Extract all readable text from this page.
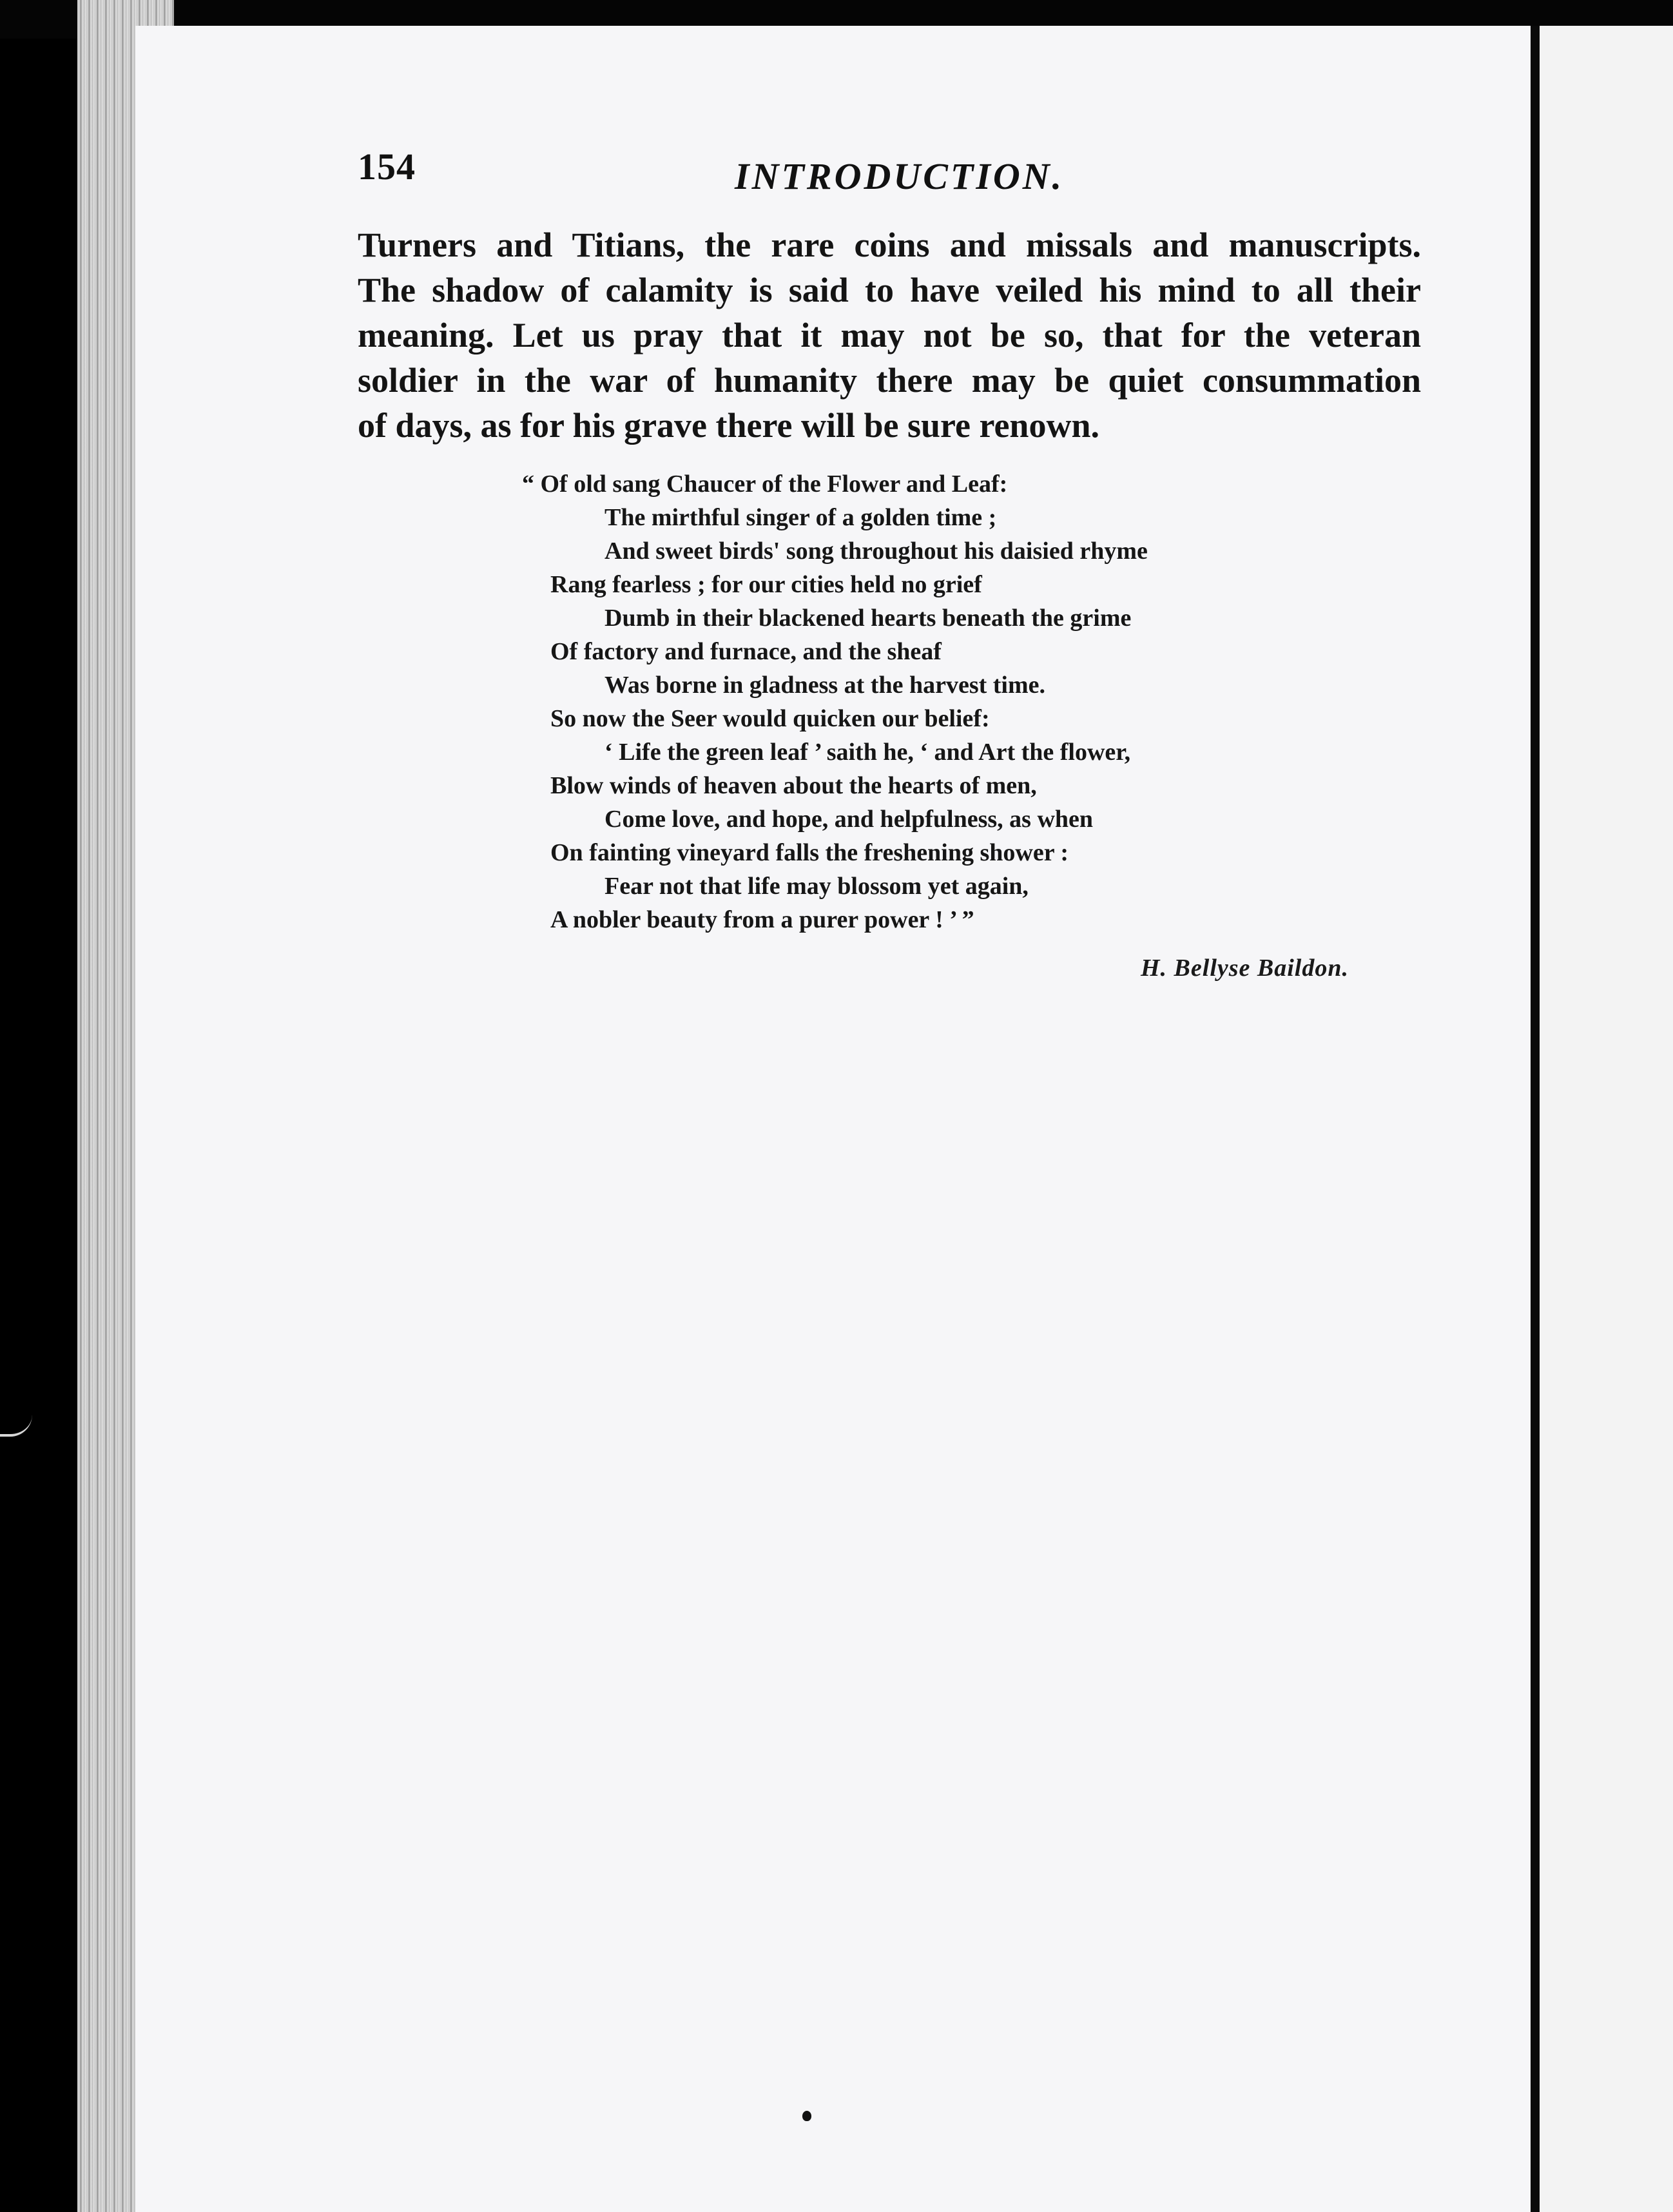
154	INTRODUCTION.
Turners and Titians, the rare coins and missals and manuscripts.
The shadow of calamity is said to have veiled his mind to all their
meaning. Let us pray that it may not be so, that for the veteran
soldier in the war of humanity there may be quiet consummation
of days, as for his grave there will be sure renown.
“ Of old sang Chaucer of the Flower and Leaf:
The mirthful singer of a golden time ;
And sweet birds' song throughout his daisied rhyme
Rang fearless ; for our cities held no grief
Dumb in their blackened hearts beneath the grime
Of factory and furnace, and the sheaf
Was borne in gladness at the harvest time.
So now the Seer would quicken our belief:
‘ Life the green leaf ’ saith he, ‘ and Art the flower,
Blow winds of heaven about the hearts of men,
Come love, and hope, and helpfulness, as when
On fainting vineyard falls the freshening shower :
Fear not that life may blossom yet again,
A nobler beauty from a purer power ! ’ ”
H. Bellyse Baildon.
